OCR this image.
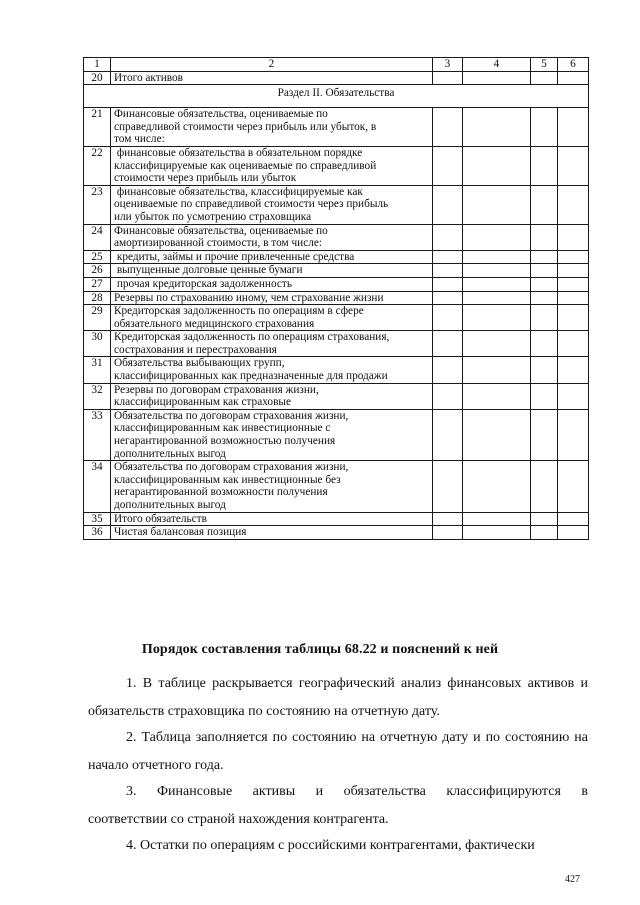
1	2	3	4	5	6
20	Итого активов				

Раздел II. Обязательства					
21	Финансовые обязательства, оцениваемые по
справедливой стоимости через прибыль или убыток, в
том числе:				

22	финансовые обязательства в обязательном порядке
классифицируемые как оцениваемые по справедливой
стоимости через прибыль или убыток				

23	финансовые обязательства, классифицируемые как
оцениваемые по справедливой стоимости через прибыль
или убыток по усмотрению страховщика				

24	Финансовые обязательства, оцениваемые по
амортизированной стоимости, в том числе:				

25	кредиты, займы и прочие привлеченные средства				

26	выпущенные долговые ценные бумаги				

27	прочая кредиторская задолженность				

28	Резервы по страхованию иному, чем страхование жизни				

29	Кредиторская задолженность по операциям в сфере
обязательного медицинского страхования				

30	Кредиторская задолженность по операциям страхования,
сострахования и перестрахования				

31	Обязательства выбывающих групп,
классифицированных как предназначенные для продажи				

32	Резервы по договорам страхования жизни,
классифицированным как страховые				

33	Обязательства по договорам страхования жизни,
классифицированным как инвестиционные с
негарантированной возможностью получения
дополнительных выгод				

34	Обязательства по договорам страхования жизни,
классифицированным как инвестиционные без
негарантированной возможности получения
дополнительных выгод				

35	Итого обязательств				

36	Чистая балансовая позиция				

Порядок составления таблицы 68.22 и пояснений к ней
1. В таблице раскрывается географический анализ финансовых активов и обязательств страховщика по состоянию на отчетную дату.
2. Таблица заполняется по состоянию на отчетную дату и по состоянию на начало отчетного года.
3. Финансовые активы и обязательства классифицируются в
соответствии со страной нахождения контрагента.
4. Остатки по операциям с российскими контрагентами, фактически
427
